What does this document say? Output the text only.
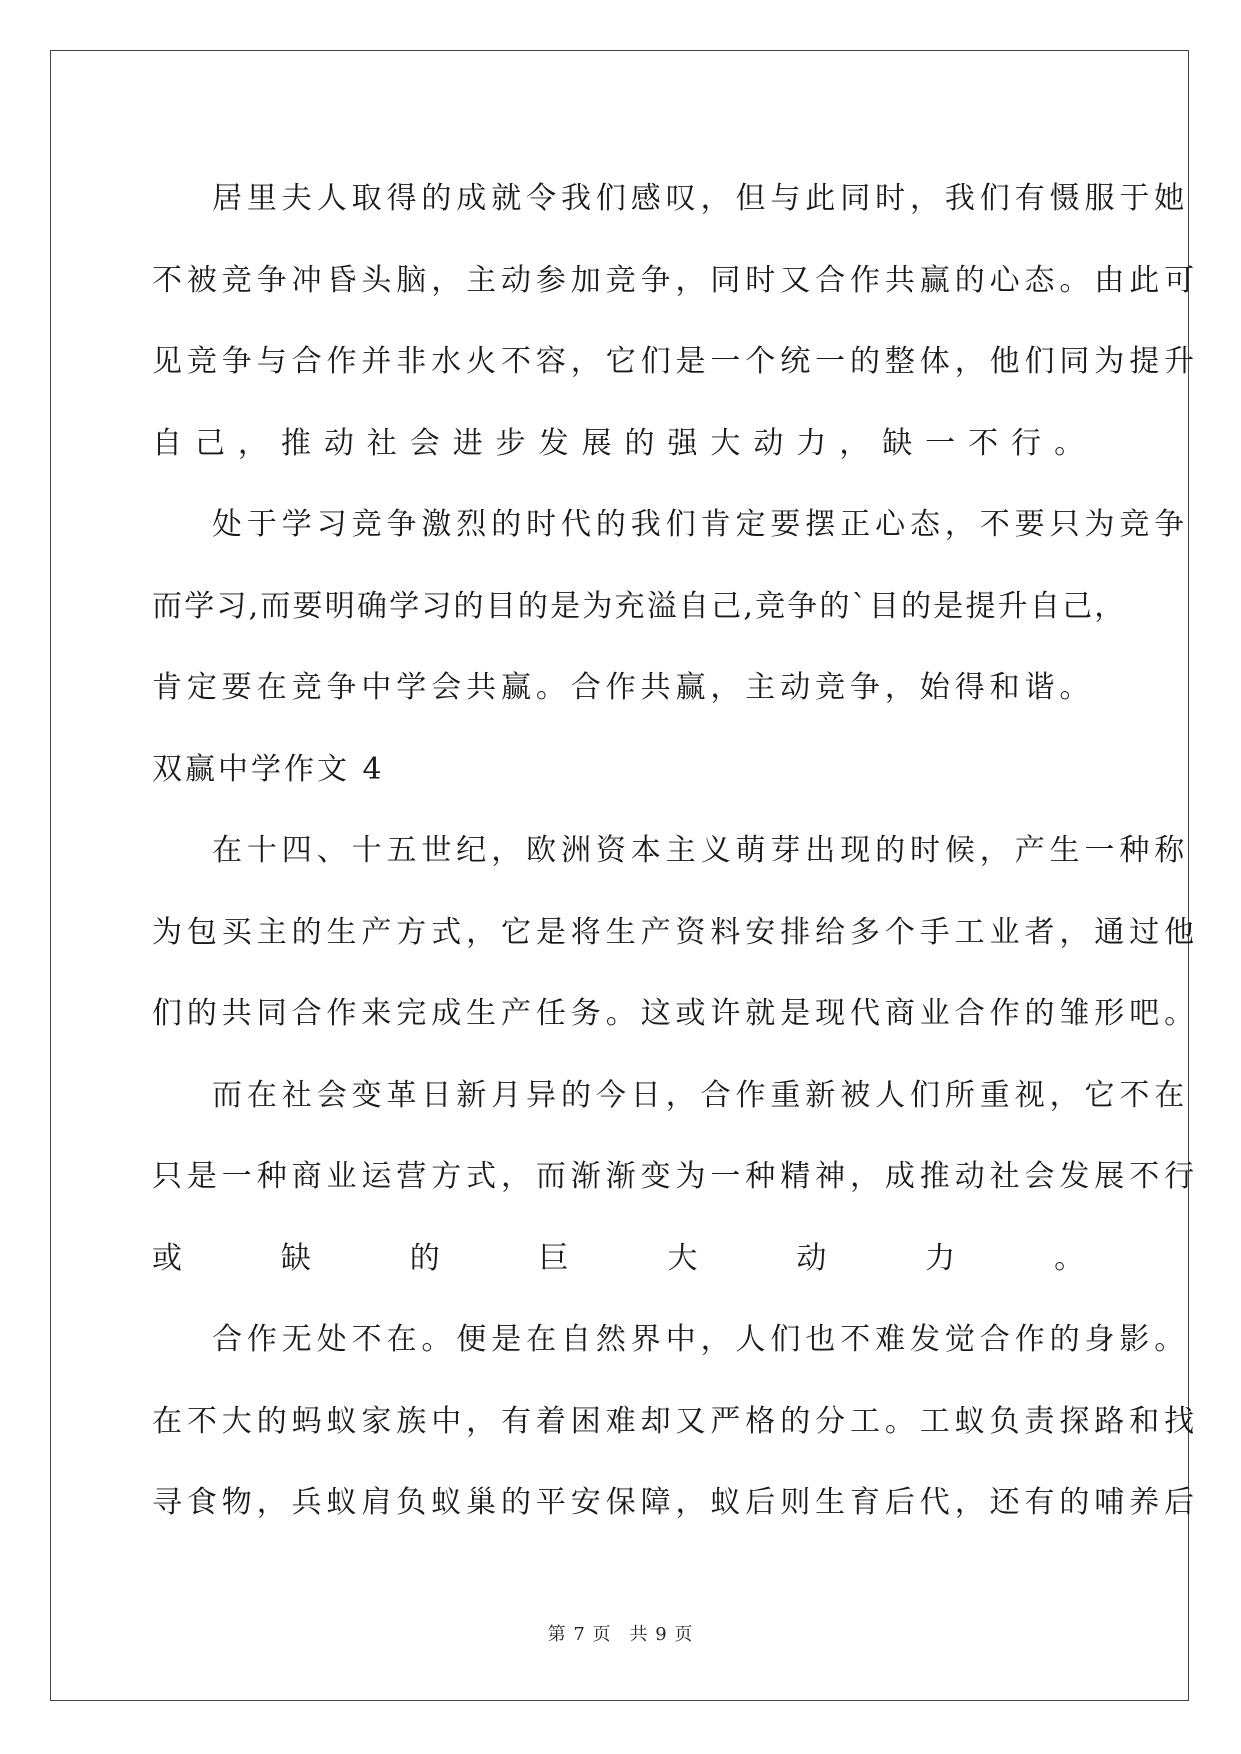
居里夫人取得的成就令我们感叹，但与此同时，我们有慑服于她
不被竞争冲昏头脑，主动参加竞争，同时又合作共赢的心态。由此可
见竞争与合作并非水火不容，它们是一个统一的整体，他们同为提升
自己，推动社会进步发展的强大动力，缺一不行。
处于学习竞争激烈的时代的我们肯定要摆正心态，不要只为竞争
而学习,而要明确学习的目的是为充溢自己,竞争的`目的是提升自己，
肯定要在竞争中学会共赢。合作共赢，主动竞争，始得和谐。
双赢中学作文 4
在十四、十五世纪，欧洲资本主义萌芽出现的时候，产生一种称
为包买主的生产方式，它是将生产资料安排给多个手工业者，通过他
们的共同合作来完成生产任务。这或许就是现代商业合作的雏形吧。
而在社会变革日新月异的今日，合作重新被人们所重视，它不在
只是一种商业运营方式，而渐渐变为一种精神，成推动社会发展不行
或缺的巨大动力。
合作无处不在。便是在自然界中，人们也不难发觉合作的身影。
在不大的蚂蚁家族中，有着困难却又严格的分工。工蚁负责探路和找
寻食物，兵蚁肩负蚁巢的平安保障，蚁后则生育后代，还有的哺养后
第 7 页 共 9 页
